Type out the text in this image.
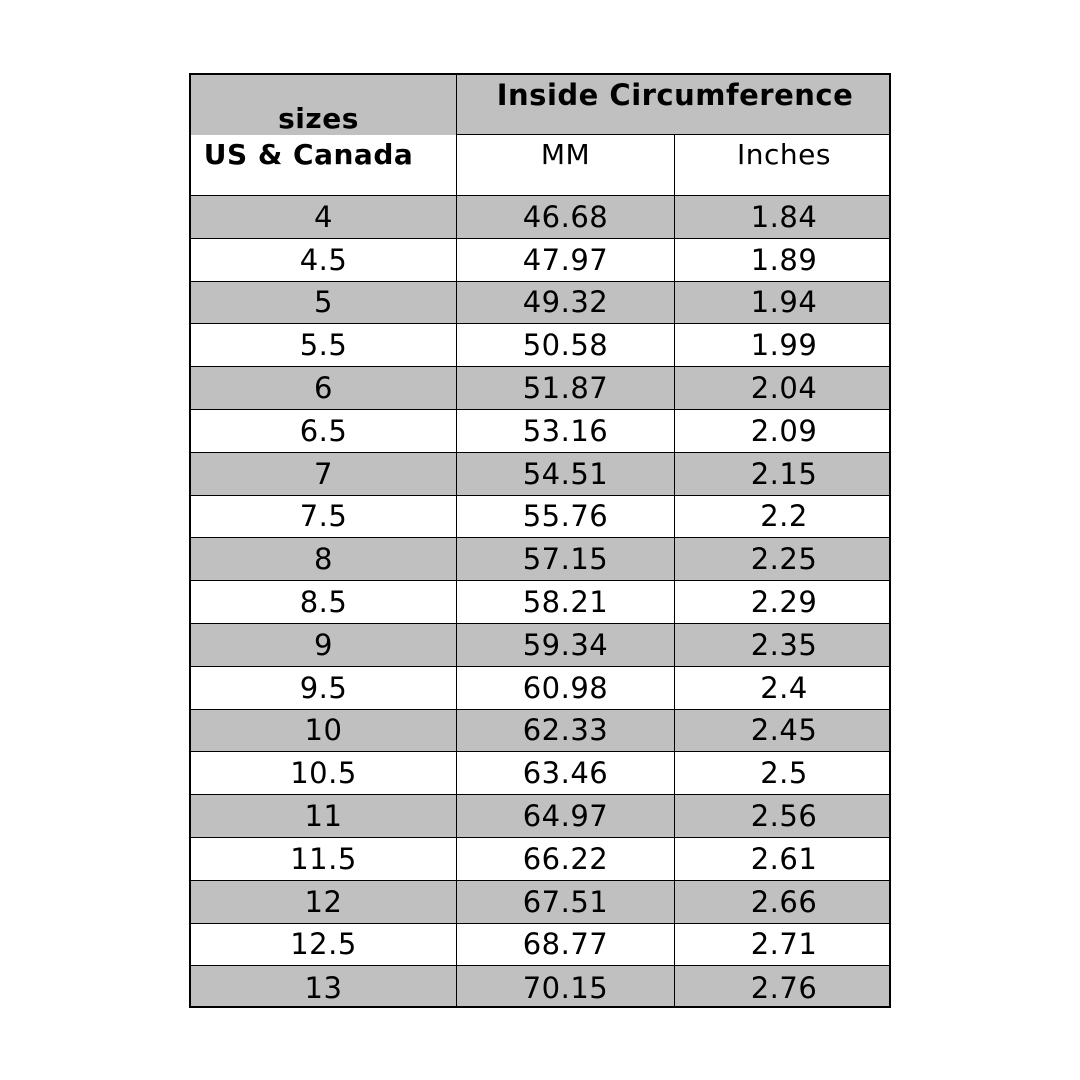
sizes
Inside Circumference
US & Canada	MM	Inches
4	46.68	1.84
4.5	47.97	1.89
5	49.32	1.94
5.5	50.58	1.99
6	51.87	2.04
6.5	53.16	2.09
7	54.51	2.15
7.5	55.76	2.2
8	57.15	2.25
8.5	58.21	2.29
9	59.34	2.35
9.5	60.98	2.4
10	62.33	2.45
10.5	63.46	2.5
11	64.97	2.56
11.5	66.22	2.61
12	67.51	2.66
12.5	68.77	2.71
13	70.15	2.76
